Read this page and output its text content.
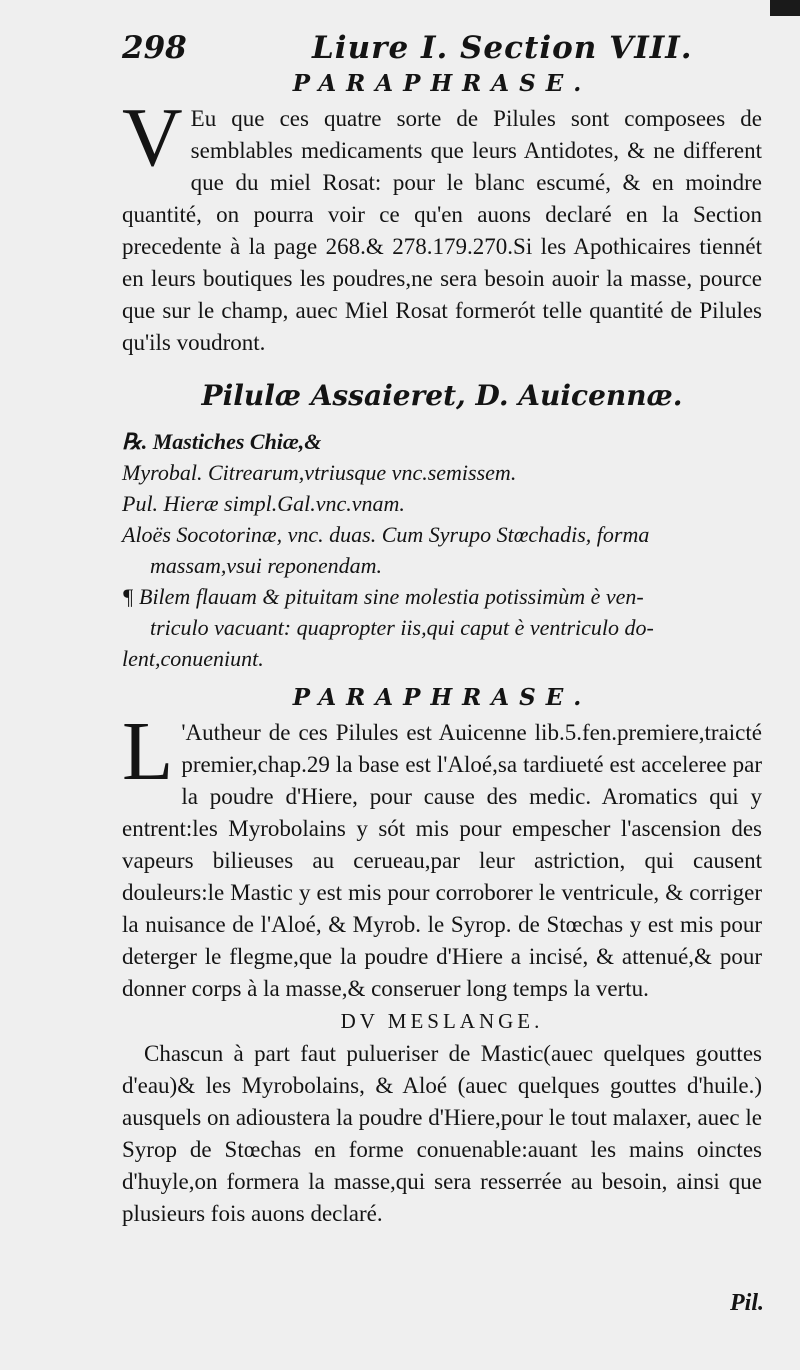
298	Liure I. Section VIII.
PARAPHRASE.

V Eu que ces quatre sorte de Pilules sont composees de semblables medicaments que leurs Antidotes, & ne different que du miel Rosat: pour le blanc escumé, & en moindre quantité, on pourra voir ce qu'en auons declaré en la Section precedente à la page 268.& 278.179.270.Si les Apothicaires tiennét en leurs boutiques les poudres,ne sera besoin auoir la masse, pource que sur le champ, auec Miel Rosat formerót telle quantité de Pilules qu'ils voudront.

Pilulæ Assaieret, D. Auicennæ.
℞. Mastiches Chiæ,&
Myrobal. Citrearum,vtriusque vnc.semissem.
Pul. Hieræ simpl.Gal.vnc.vnam.
Aloës Socotorinæ, vnc. duas. Cum Syrupo Stœchadis, forma
massam,vsui reponendam.
¶ Bilem flauam & pituitam sine molestia potissimùm è ven-
triculo vacuant: quapropter iis,qui caput è ventriculo do-
lent,conueniunt.
PARAPHRASE.

L 'Autheur de ces Pilules est Auicenne lib.5.fen.premiere,traicté premier,chap.29 la base est l'Aloé,sa tardiueté est acceleree par la poudre d'Hiere, pour cause des medic. Aromatics qui y entrent:les Myrobolains y sót mis pour empescher l'ascension des vapeurs bilieuses au cerueau,par leur astriction, qui causent douleurs:le Mastic y est mis pour corroborer le ventricule, & corriger la nuisance de l'Aloé, & Myrob. le Syrop. de Stœchas y est mis pour deterger le flegme,que la poudre d'Hiere a incisé, & attenué,& pour donner corps à la masse,& conseruer long temps la vertu.

DV MESLANGE.

Chascun à part faut pulueriser de Mastic(auec quelques gouttes d'eau)& les Myrobolains, & Aloé (auec quelques gouttes d'huile.) ausquels on adioustera la poudre d'Hiere,pour le tout malaxer, auec le Syrop de Stœchas en forme conuenable:auant les mains oinctes d'huyle,on formera la masse,qui sera resserrée au besoin, ainsi que plusieurs fois auons declaré.

Pil.
